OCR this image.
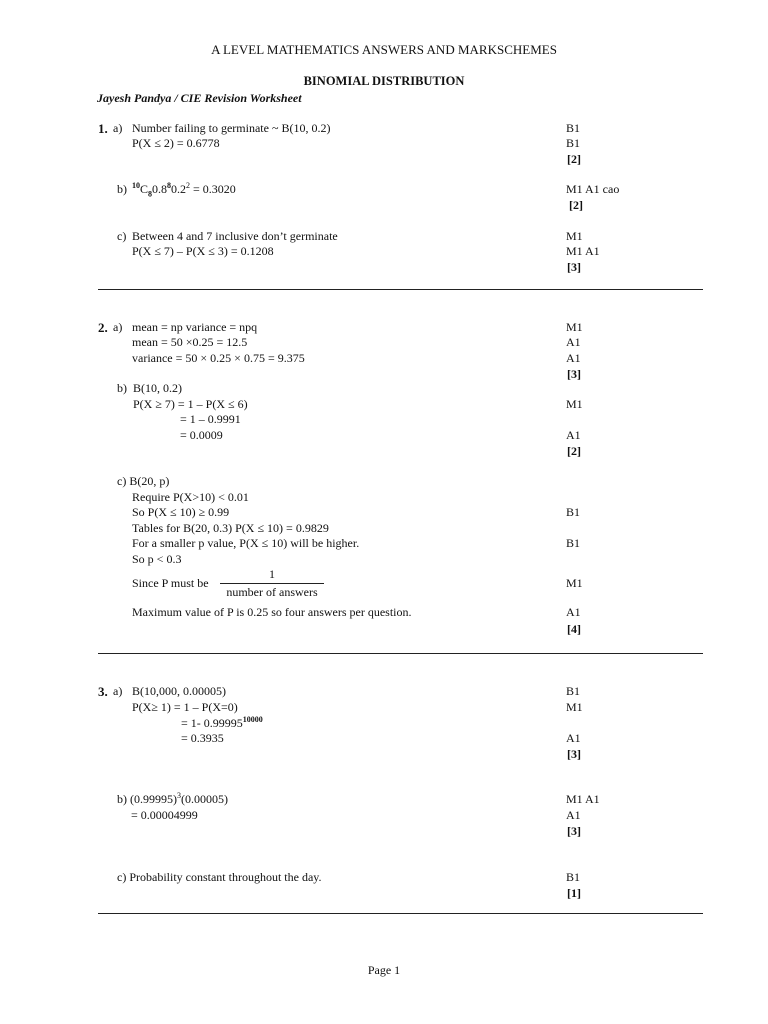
A LEVEL MATHEMATICS ANSWERS AND MARKSCHEMES
BINOMIAL DISTRIBUTION
Jayesh Pandya / CIE Revision Worksheet
1. a) Number failing to germinate ~ B(10, 0.2)
P(X ≤ 2) = 0.6778
B1
B1
[2]
b) $^{10}C_80.8^80.2^2 = 0.3020$	M1 A1 cao
[2]
c) Between 4 and 7 inclusive don’t germinate
P(X ≤ 7) – P(X ≤ 3) = 0.1208
M1
M1 A1
[3]
2. a) mean = np variance = npq
mean = 50 ×0.25 = 12.5
variance = 50 × 0.25 × 0.75 = 9.375
M1
A1
A1
[3]
b) B(10, 0.2)
P(X ≥ 7) = 1 – P(X ≤ 6)
= 1 – 0.9991
= 0.0009
M1
A1
[2]
c) B(20, p)
Require P(X>10) < 0.01
So P(X ≤ 10) ≥ 0.99
Tables for B(20, 0.3) P(X ≤ 10) = 0.9829
For a smaller p value, P(X ≤ 10) will be higher.
So p < 0.3
Since P must be
1
number of answers
Maximum value of P is 0.25 so four answers per question.
B1
B1
M1
A1
[4]
3. a) B(10,000, 0.00005)
P(X≥ 1) = 1 – P(X=0)
= 1- $0.99995^{10000}$
= 0.3935
B1
M1
A1
[3]
b) $(0.99995)^3(0.00005)$
= 0.00004999
M1 A1
A1
[3]
c) Probability constant throughout the day.	B1
[1]
Page 1
